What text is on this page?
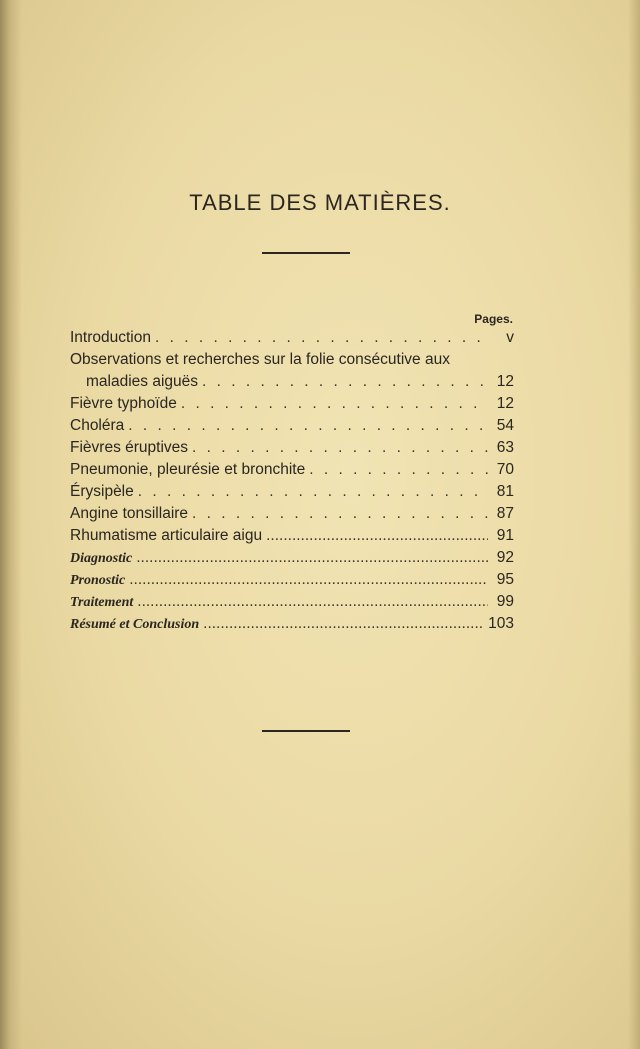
TABLE DES MATIÈRES.
Pages.
Introduction . . .	v
Observations et recherches sur la folie consécutive aux
maladies aiguës . . .	12
Fièvre typhoïde . . .	12
Choléra . . .	54
Fièvres éruptives . . .	63
Pneumonie, pleurésie et bronchite . . .	70
Érysipèle . . .	81
Angine tonsillaire . . .	87
Rhumatisme articulaire aigu .....	91
Diagnostic .....	92
Pronostic .....	95
Traitement .....	99
Résumé et Conclusion .....	103
